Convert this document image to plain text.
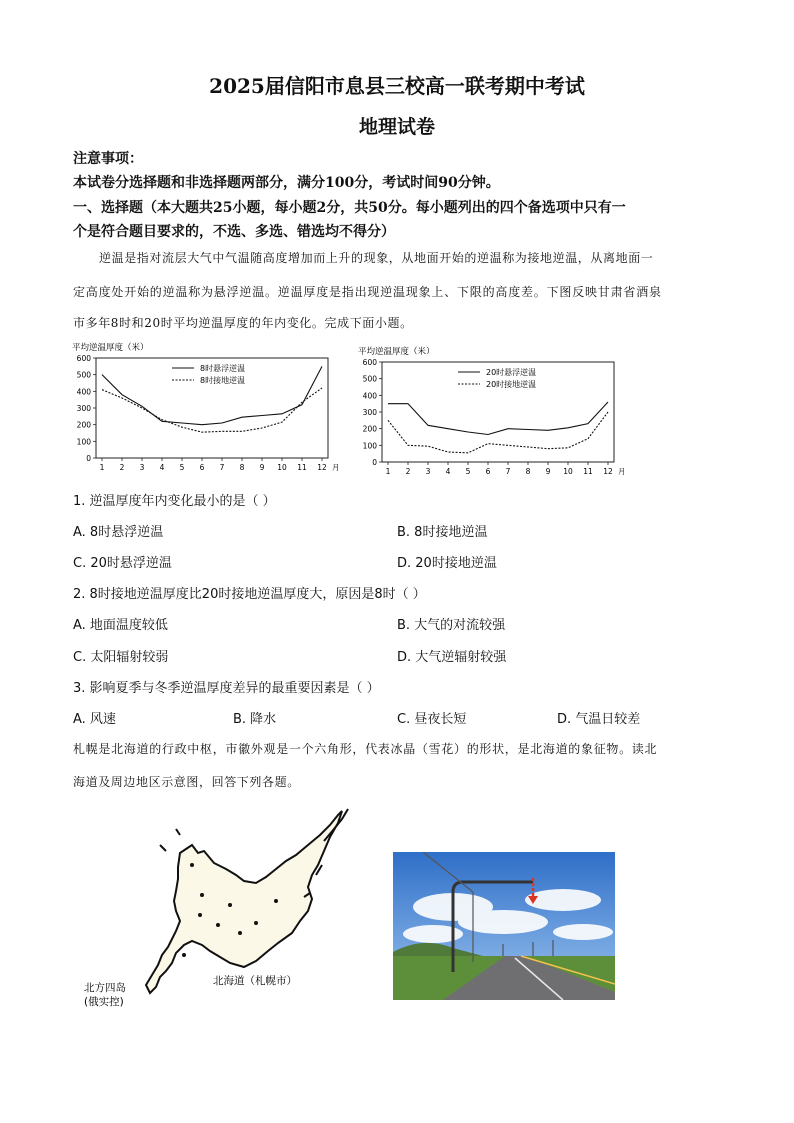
2025届信阳市息县三校高一联考期中考试
地理试卷
注意事项：
本试卷分选择题和非选择题两部分，满分100分，考试时间90分钟。
一、选择题（本大题共25小题，每小题2分，共50分。每小题列出的四个备选项中只有一
个是符合题目要求的，不选、多选、错选均不得分）
逆温是指对流层大气中气温随高度增加而上升的现象，从地面开始的逆温称为接地逆温，从离地面一
定高度处开始的逆温称为悬浮逆温。逆温厚度是指出现逆温现象上、下限的高度差。下图反映甘肃省酒泉
市多年8时和20时平均逆温厚度的年内变化。完成下面小题。
平均逆温厚度（米）
0
100
200
300
400
500
600
1 2 3 4 5 6 7 8 9 10 11 12 月
8时悬浮逆温
8时接地逆温
平均逆温厚度（米）
0
100
200
300
400
500
600
1 2 3 4 5 6 7 8 9 10 11 12 月
20时悬浮逆温
20时接地逆温
1. 逆温厚度年内变化最小的是（ ）
A. 8时悬浮逆温	B. 8时接地逆温
C. 20时悬浮逆温	D. 20时接地逆温
2. 8时接地逆温厚度比20时接地逆温厚度大，原因是8时（ ）
A. 地面温度较低	B. 大气的对流较强
C. 太阳辐射较弱	D. 大气逆辐射较强
3. 影响夏季与冬季逆温厚度差异的最重要因素是（ ）
A. 风速	B. 降水	C. 昼夜长短	D. 气温日较差
札幌是北海道的行政中枢，市徽外观是一个六角形，代表冰晶（雪花）的形状，是北海道的象征物。读北
海道及周边地区示意图，回答下列各题。
北海道（札幌市）
北方四岛
(俄实控)
